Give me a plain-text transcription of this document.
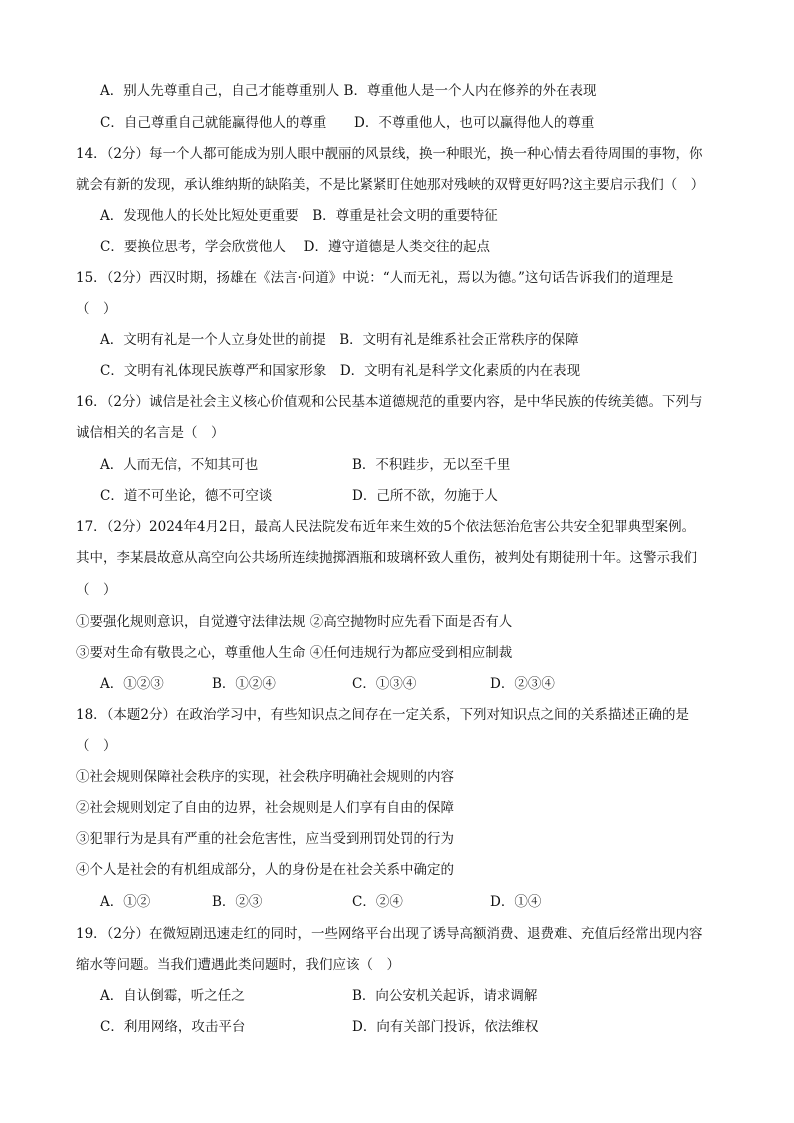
A．别人先尊重自己，自己才能尊重别人 B．尊重他人是一个人内在修养的外在表现
C．自己尊重自己就能赢得他人的尊重 D．不尊重他人，也可以赢得他人的尊重
14．（2分）每一个人都可能成为别人眼中靓丽的风景线，换一种眼光，换一种心情去看待周围的事物，你
就会有新的发现，承认维纳斯的缺陷美，不是比紧紧盯住她那对残峡的双臂更好吗?这主要启示我们（　）
A．发现他人的长处比短处更重要　B．尊重是社会文明的重要特征
C．要换位思考，学会欣赏他人　 D．遵守道德是人类交往的起点
15．（2分）西汉时期，扬雄在《法言·问道》中说：“人而无礼，焉以为德。”这句话告诉我们的道理是
（　）
A．文明有礼是一个人立身处世的前提　B．文明有礼是维系社会正常秩序的保障
C．文明有礼体现民族尊严和国家形象　D．文明有礼是科学文化素质的内在表现
16．（2分）诚信是社会主义核心价值观和公民基本道德规范的重要内容，是中华民族的传统美德。下列与
诚信相关的名言是（　）
A．人而无信，不知其可也	B．不积跬步，无以至千里
C．道不可坐论，德不可空谈	D．己所不欲，勿施于人
17．（2分）2024年4月2日，最高人民法院发布近年来生效的5个依法惩治危害公共安全犯罪典型案例。
其中，李某晨故意从高空向公共场所连续抛掷酒瓶和玻璃杯致人重伤，被判处有期徒刑十年。这警示我们
（　）
①要强化规则意识，自觉遵守法律法规 ②高空抛物时应先看下面是否有人
③要对生命有敬畏之心，尊重他人生命 ④任何违规行为都应受到相应制裁
A．①②③	B．①②④	C．①③④	D．②③④
18．（本题2分）在政治学习中，有些知识点之间存在一定关系，下列对知识点之间的关系描述正确的是
（　）
①社会规则保障社会秩序的实现，社会秩序明确社会规则的内容
②社会规则划定了自由的边界，社会规则是人们享有自由的保障
③犯罪行为是具有严重的社会危害性，应当受到刑罚处罚的行为
④个人是社会的有机组成部分，人的身份是在社会关系中确定的
A．①②	B．②③	C．②④	D．①④
19．（2分）在微短剧迅速走红的同时，一些网络平台出现了诱导高额消费、退费难、充值后经常出现内容
缩水等问题。当我们遭遇此类问题时，我们应该（　）
A．自认倒霉，听之任之	B．向公安机关起诉，请求调解
C．利用网络，攻击平台	D．向有关部门投诉，依法维权
